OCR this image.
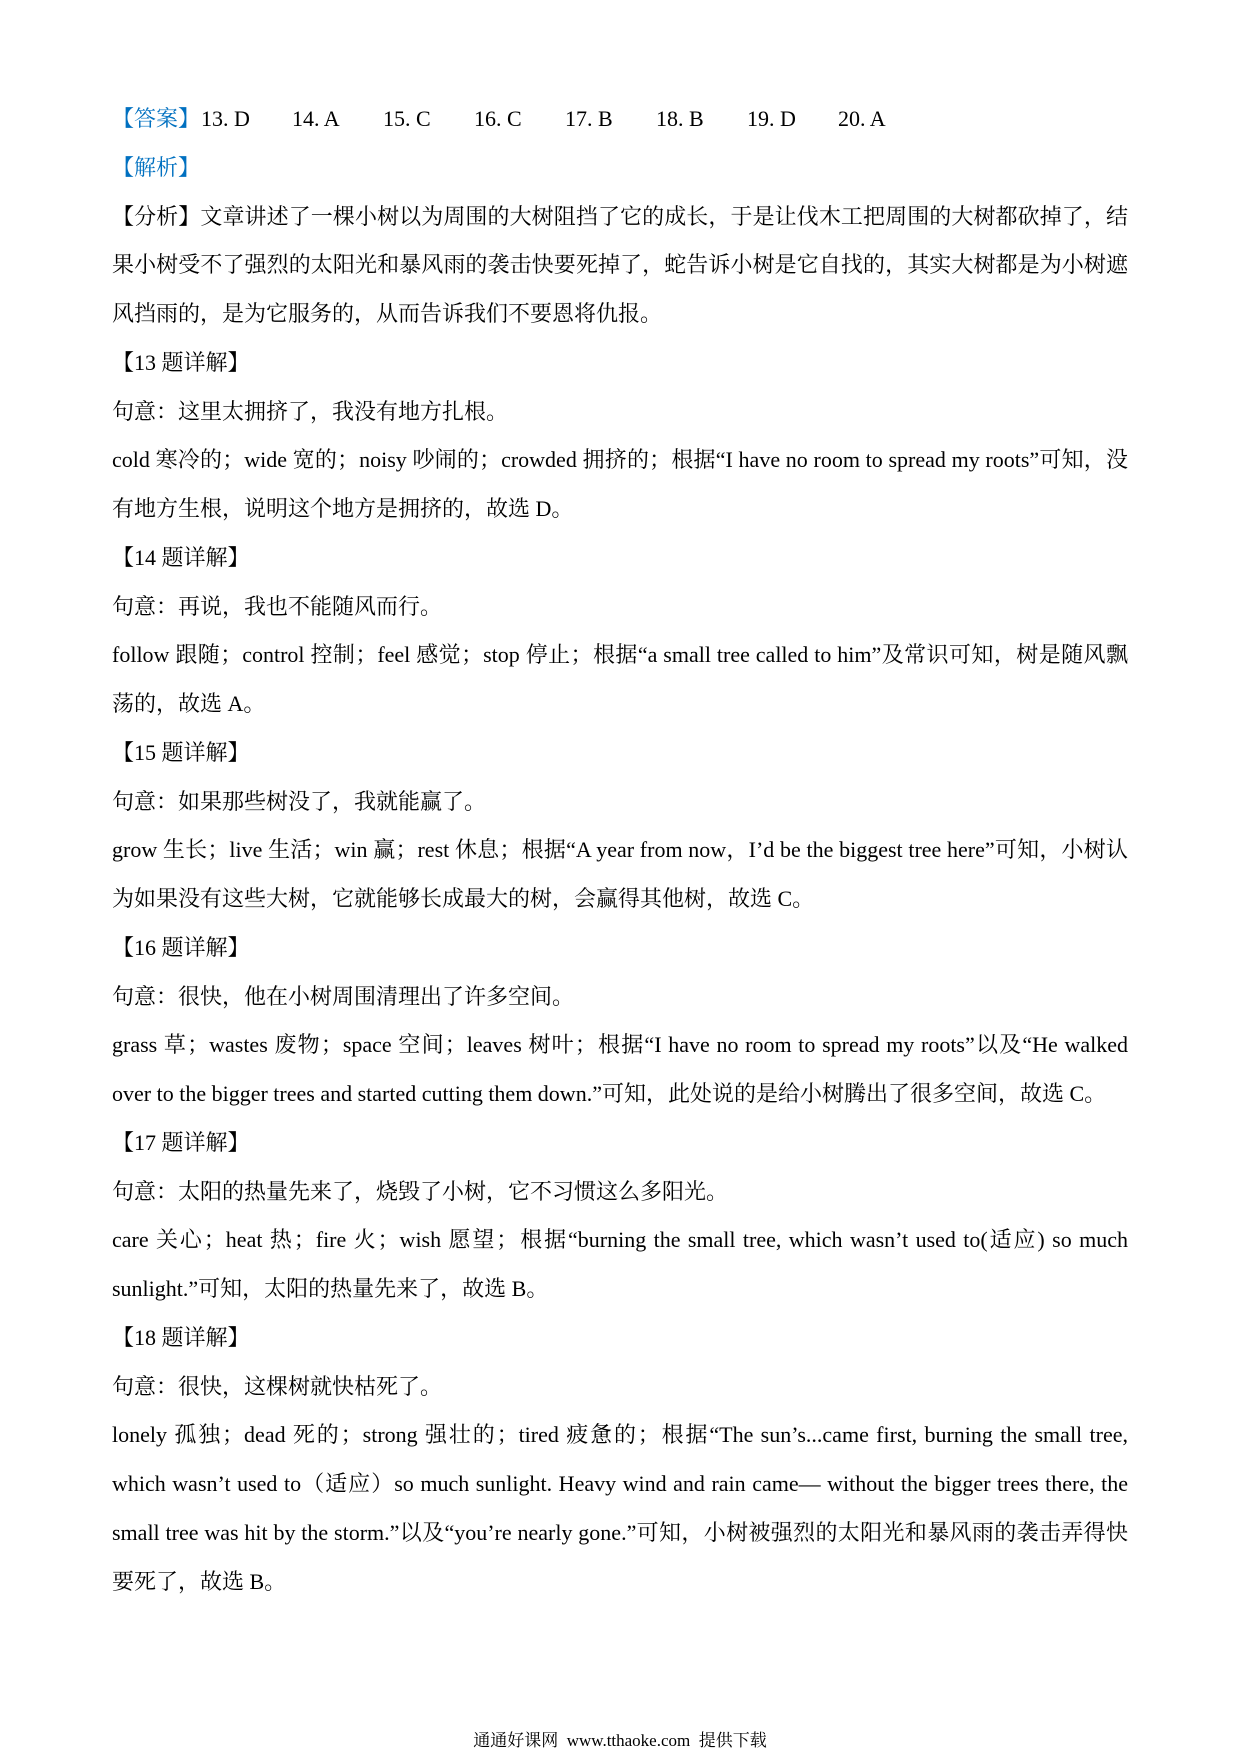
【答案】13. D 14. A 15. C 16. C 17. B 18. B 19. D 20. A

【解析】

【分析】文章讲述了一棵小树以为周围的大树阻挡了它的成长，于是让伐木工把周围的大树都砍掉了，结果小树受不了强烈的太阳光和暴风雨的袭击快要死掉了，蛇告诉小树是它自找的，其实大树都是为小树遮风挡雨的，是为它服务的，从而告诉我们不要恩将仇报。

【13 题详解】

句意：这里太拥挤了，我没有地方扎根。

cold 寒冷的；wide 宽的；noisy 吵闹的；crowded 拥挤的；根据“I have no room to spread my roots”可知，没有地方生根，说明这个地方是拥挤的，故选 D。

【14 题详解】

句意：再说，我也不能随风而行。

follow 跟随；control 控制；feel 感觉；stop 停止；根据“a small tree called to him”及常识可知，树是随风飘荡的，故选 A。

【15 题详解】

句意：如果那些树没了，我就能赢了。

grow 生长；live 生活；win 赢；rest 休息；根据“A year from now，I’d be the biggest tree here”可知，小树认为如果没有这些大树，它就能够长成最大的树，会赢得其他树，故选 C。

【16 题详解】

句意：很快，他在小树周围清理出了许多空间。

grass 草；wastes 废物；space 空间；leaves 树叶；根据“I have no room to spread my roots”以及“He walked over to the bigger trees and started cutting them down.”可知，此处说的是给小树腾出了很多空间，故选 C。

【17 题详解】

句意：太阳的热量先来了，烧毁了小树，它不习惯这么多阳光。

care 关心；heat 热；fire 火；wish 愿望；根据“burning the small tree, which wasn’t used to(适应) so much sunlight.”可知，太阳的热量先来了，故选 B。

【18 题详解】

句意：很快，这棵树就快枯死了。

lonely 孤独；dead 死的；strong 强壮的；tired 疲惫的；根据“The sun’s...came first, burning the small tree, which wasn’t used to（适应）so much sunlight. Heavy wind and rain came— without the bigger trees there, the small tree was hit by the storm.”以及“you’re nearly gone.”可知，小树被强烈的太阳光和暴风雨的袭击弄得快要死了，故选 B。

通通好课网  www.tthaoke.com  提供下载
